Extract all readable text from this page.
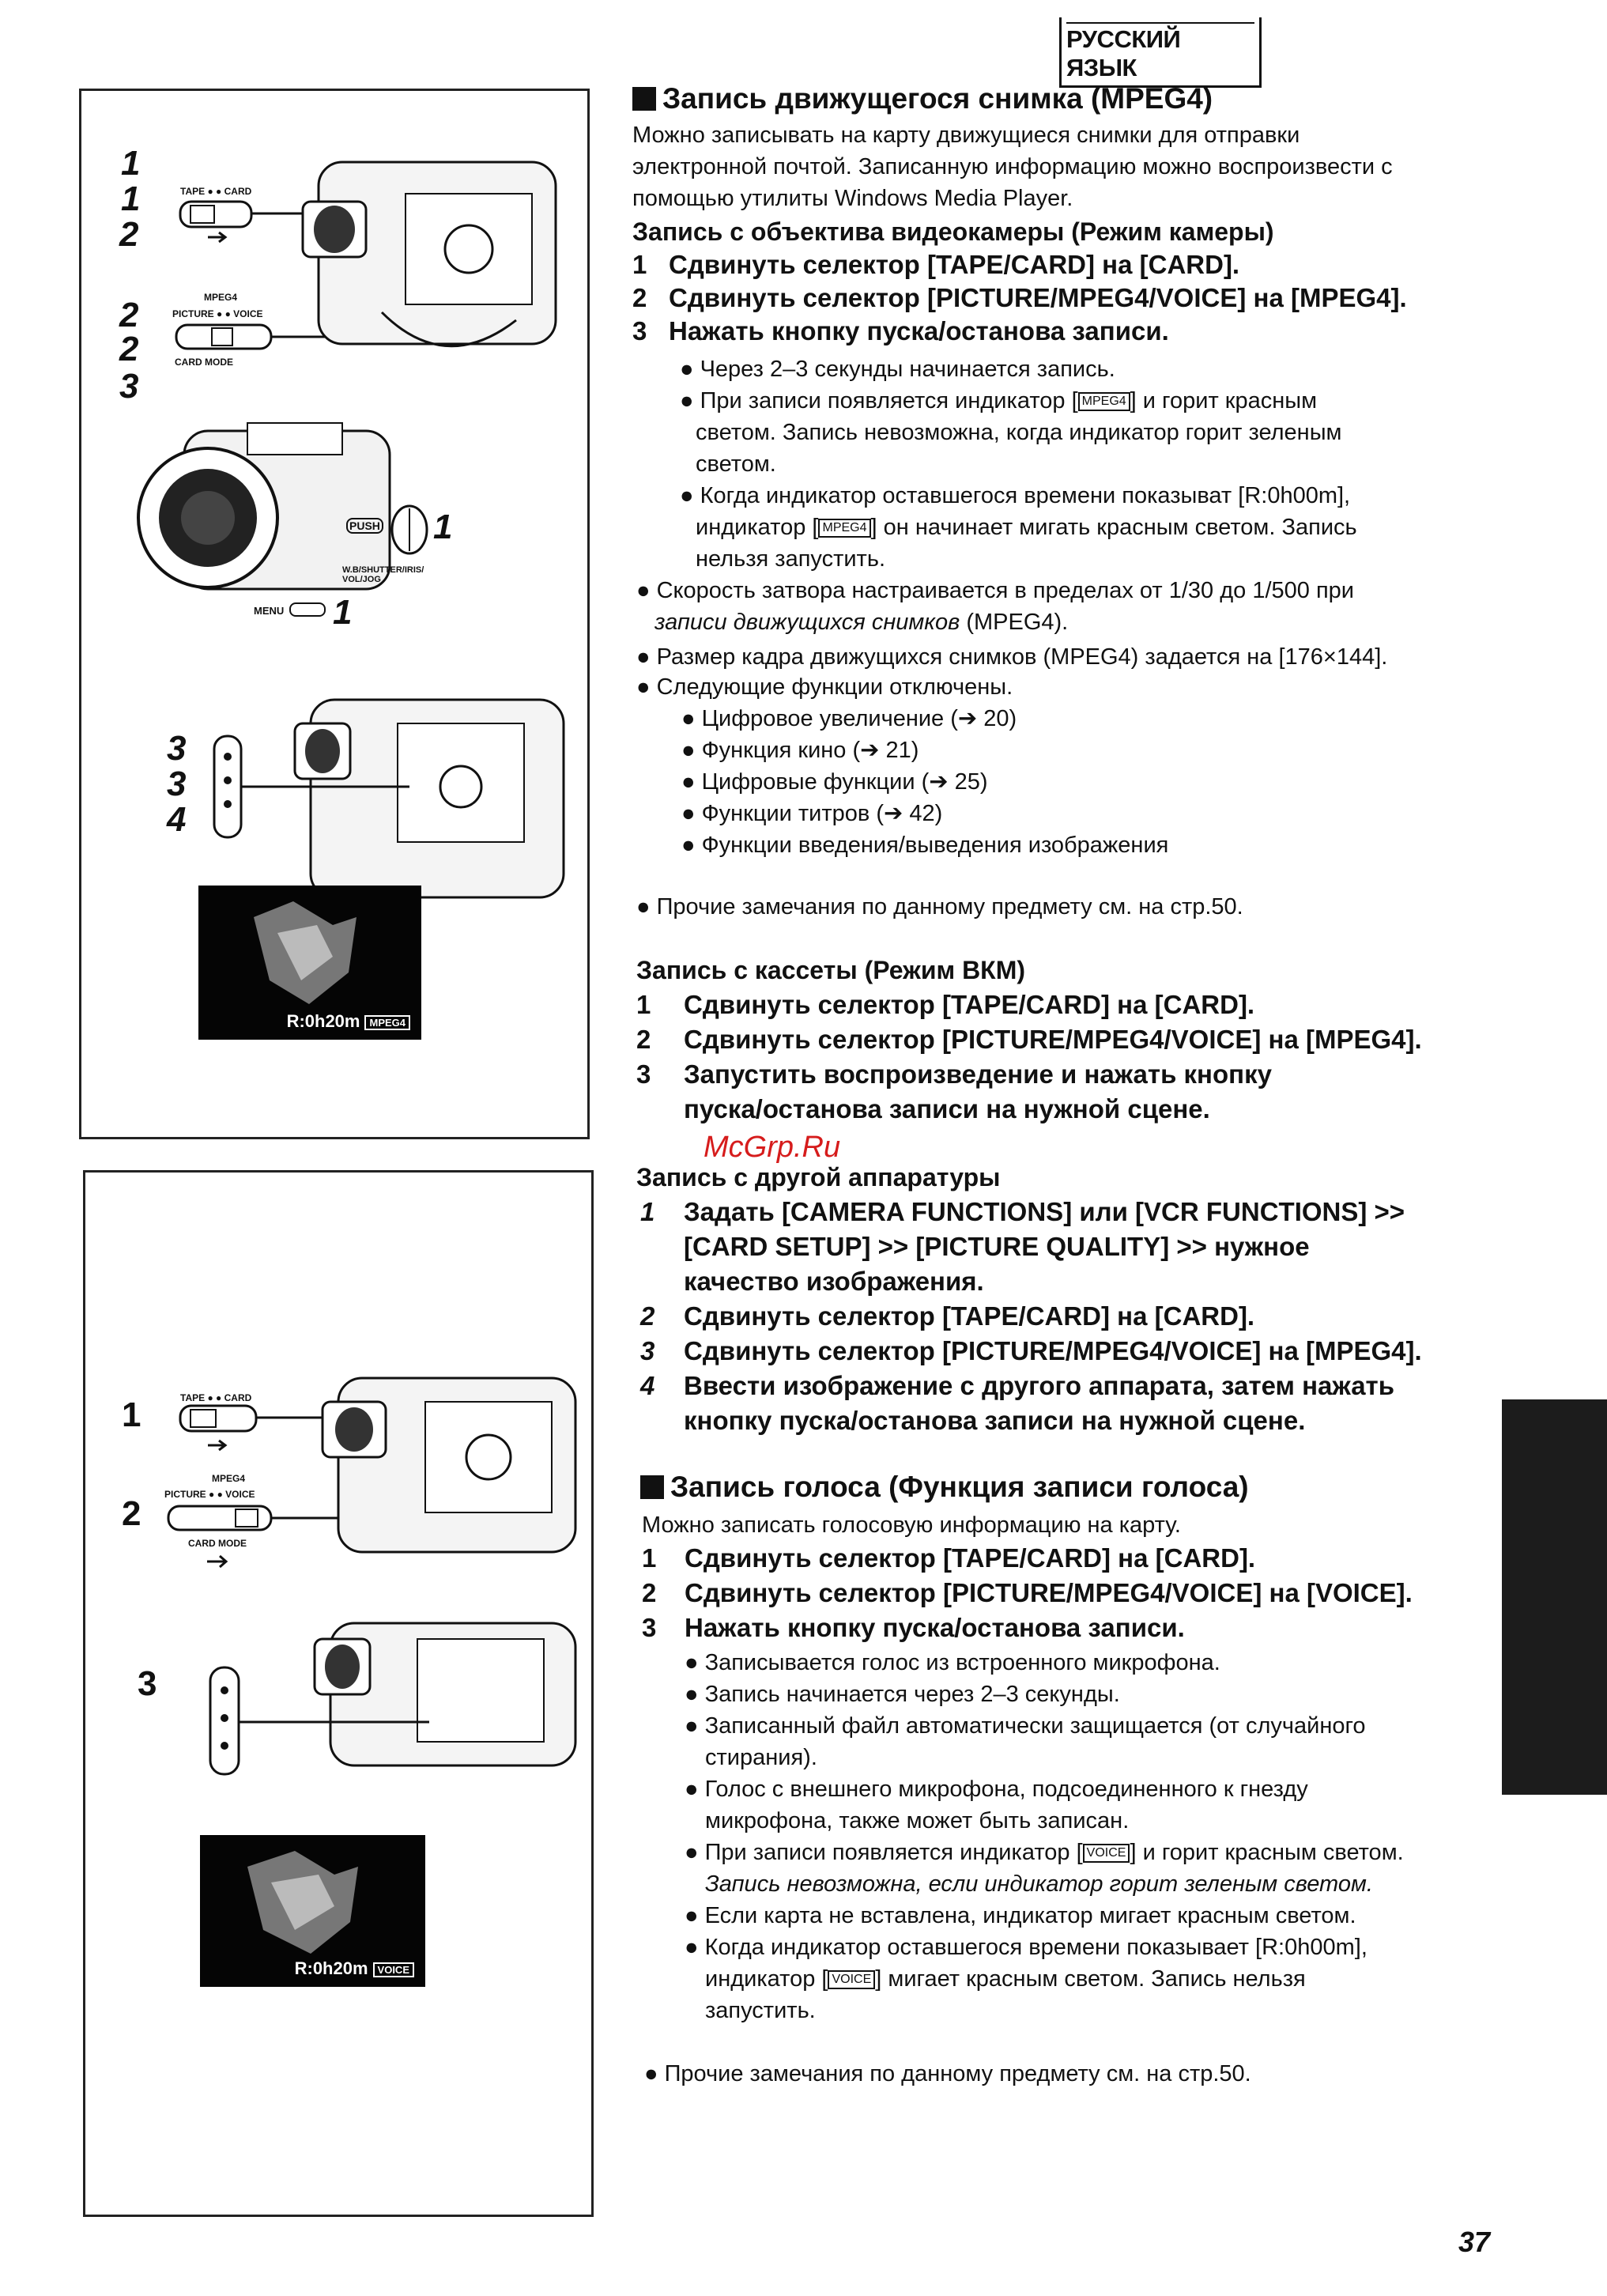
РУССКИЙ ЯЗЫК
1
1
2
2
2
3
TAPE ● ● CARD
MPEG4
PICTURE ● ● VOICE
CARD MODE
PUSH 1
W.B/SHUTTER/IRIS/ VOL/JOG
MENU 1
3
3
4
R:0h20m MPEG4
1
2
3
TAPE ● ● CARD
MPEG4
PICTURE ● ● VOICE
CARD MODE
R:0h20m VOICE
Запись движущегося снимка (MPEG4)
Можно записывать на карту движущиеся снимки для отправки
электронной почтой. Записанную информацию можно воспроизвести с
помощью утилиты Windows Media Player.
Запись с объектива видеокамеры (Режим камеры)
1 Сдвинуть селектор [TAPE/CARD] на [CARD].
2 Сдвинуть селектор [PICTURE/MPEG4/VOICE] на [MPEG4].
3 Нажать кнопку пуска/останова записи.
● Через 2–3 секунды начинается запись.
● При записи появляется индикатор [ MPEG4 ] и горит красным
светом. Запись невозможна, когда индикатор горит зеленым
светом.
● Когда индикатор оставшегося времени показыват [R:0h00m],
индикатор [ MPEG4 ] он начинает мигать красным светом. Запись
нельзя запустить.
● Скорость затвора настраивается в пределах от 1/30 до 1/500 при
записи движущихся снимков (MPEG4).
● Размер кадра движущихся снимков (MPEG4) задается на [176×144].
● Следующие функции отключены.
● Цифровое увеличение (➔ 20)
● Функция кино (➔ 21)
● Цифровые функции (➔ 25)
● Функции титров (➔ 42)
● Функции введения/выведения изображения
● Прочие замечания по данному предмету см. на стр.50.
Запись с кассеты (Режим ВКМ)
1 Сдвинуть селектор [TAPE/CARD] на [CARD].
2 Сдвинуть селектор [PICTURE/MPEG4/VOICE] на [MPEG4].
3 Запустить воспроизведение и нажать кнопку
пуска/останова записи на нужной сцене.
McGrp.Ru
Запись с другой аппаратуры
1 Задать [CAMERA FUNCTIONS] или [VCR FUNCTIONS] >>
[CARD SETUP] >> [PICTURE QUALITY] >> нужное
качество изображения.
2 Сдвинуть селектор [TAPE/CARD] на [CARD].
3 Сдвинуть селектор [PICTURE/MPEG4/VOICE] на [MPEG4].
4 Ввести изображение с другого аппарата, затем нажать
кнопку пуска/останова записи на нужной сцене.
Запись голоса (Функция записи голоса)
Можно записать голосовую информацию на карту.
1 Сдвинуть селектор [TAPE/CARD] на [CARD].
2 Сдвинуть селектор [PICTURE/MPEG4/VOICE] на [VOICE].
3 Нажать кнопку пуска/останова записи.
● Записывается голос из встроенного микрофона.
● Запись начинается через 2–3 секунды.
● Записанный файл автоматически защищается (от случайного
стирания).
● Голос с внешнего микрофона, подсоединенного к гнезду
микрофона, также может быть записан.
● При записи появляется индикатор [ VOICE ] и горит красным светом.
Запись невозможна, если индикатор горит зеленым светом.
● Если карта не вставлена, индикатор мигает красным светом.
● Когда индикатор оставшегося времени показывает [R:0h00m],
индикатор [ VOICE ] мигает красным светом. Запись нельзя
запустить.
● Прочие замечания по данному предмету см. на стр.50.
37
